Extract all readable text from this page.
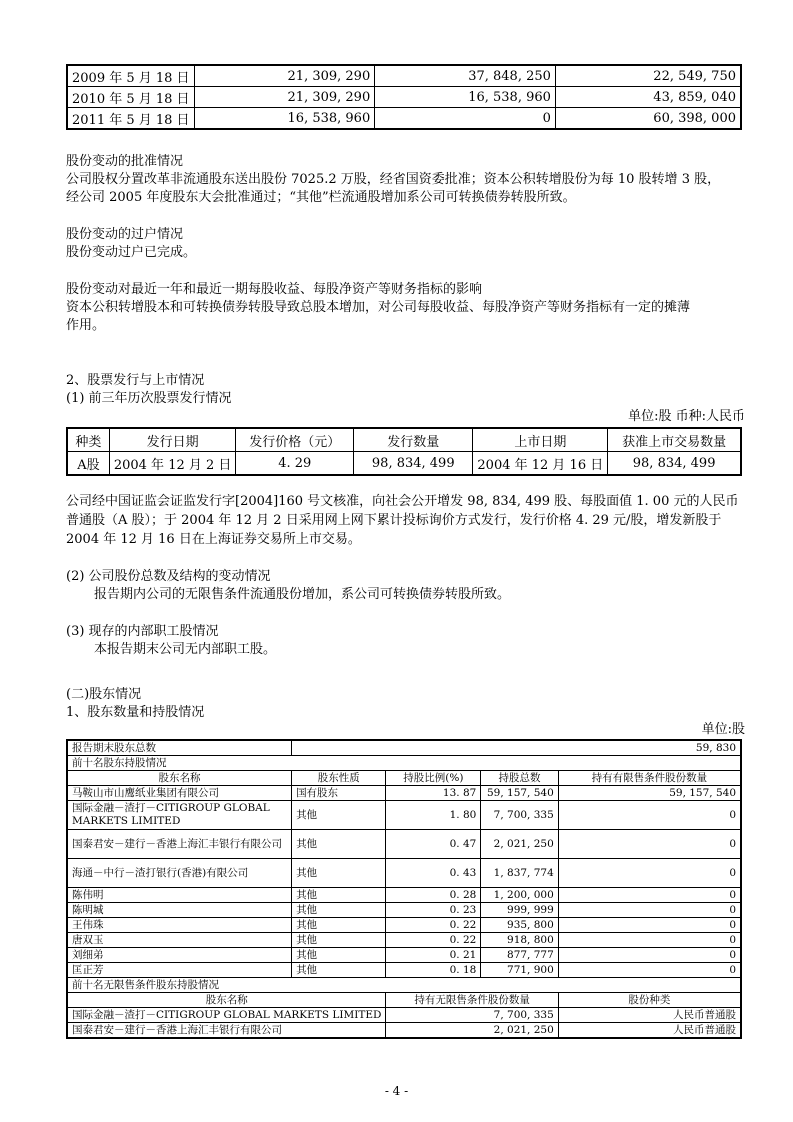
2009 年 5 月 18 日	21, 309, 290	37, 848, 250	22, 549, 750
2010 年 5 月 18 日	21, 309, 290	16, 538, 960	43, 859, 040
2011 年 5 月 18 日	16, 538, 960	0	60, 398, 000
股份变动的批准情况
公司股权分置改革非流通股东送出股份 7025.2 万股，经省国资委批准；资本公积转增股份为每 10 股转增 3 股，
经公司 2005 年度股东大会批准通过；“其他”栏流通股增加系公司可转换债券转股所致。
股份变动的过户情况
股份变动过户已完成。
股份变动对最近一年和最近一期每股收益、每股净资产等财务指标的影响
资本公积转增股本和可转换债券转股导致总股本增加，对公司每股收益、每股净资产等财务指标有一定的摊薄
作用。
2、股票发行与上市情况
(1) 前三年历次股票发行情况
单位:股 币种:人民币
种类	发行日期	发行价格（元）	发行数量	上市日期	获准上市交易数量
A股	2004 年 12 月 2 日	4. 29	98, 834, 499	2004 年 12 月 16 日	98, 834, 499
公司经中国证监会证监发行字[2004]160 号文核准，向社会公开增发 98, 834, 499 股、每股面值 1. 00 元的人民币
普通股（A 股）；于 2004 年 12 月 2 日采用网上网下累计投标询价方式发行，发行价格 4. 29 元/股，增发新股于
2004 年 12 月 16 日在上海证券交易所上市交易。
(2) 公司股份总数及结构的变动情况
报告期内公司的无限售条件流通股份增加，系公司可转换债券转股所致。
(3) 现存的内部职工股情况
本报告期末公司无内部职工股。
(二)股东情况
1、股东数量和持股情况
单位:股
报告期末股东总数	59, 830			
前十名股东持股情况				
股东名称	股东性质	持股比例(%)	持股总数	持有有限售条件股份数量
马鞍山市山鹰纸业集团有限公司	国有股东	13. 87	59, 157, 540	59, 157, 540
国际金融－渣打－CITIGROUP GLOBAL MARKETS LIMITED	其他	1. 80	7, 700, 335	0
国泰君安－建行－香港上海汇丰银行有限公司	其他	0. 47	2, 021, 250	0
海通－中行－渣打银行(香港)有限公司	其他	0. 43	1, 837, 774	0
陈伟明	其他	0. 28	1, 200, 000	0
陈明城	其他	0. 23	999, 999	0
王伟珠	其他	0. 22	935, 800	0
唐双玉	其他	0. 22	918, 800	0
刘细弟	其他	0. 21	877, 777	0
匡正芳	其他	0. 18	771, 900	0
前十名无限售条件股东持股情况				
股东名称		持有无限售条件股份数量		股份种类
国际金融－渣打－CITIGROUP GLOBAL MARKETS LIMITED		7, 700, 335		人民币普通股
国泰君安－建行－香港上海汇丰银行有限公司		2, 021, 250		人民币普通股
- 4 -
